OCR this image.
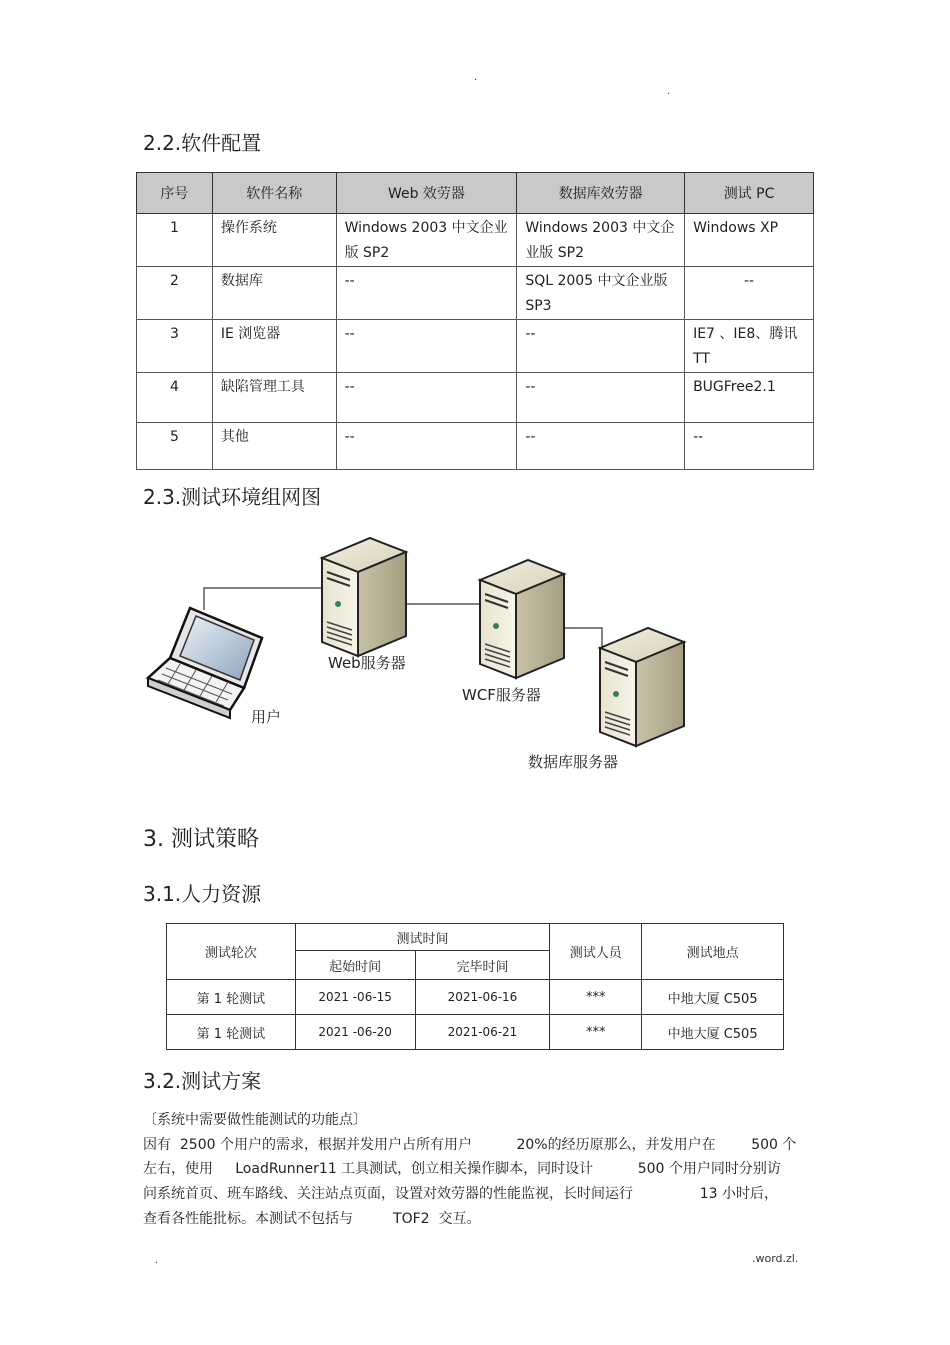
.
.
2.2.软件配置
序号	软件名称	Web 效劳器	数据库效劳器	测试 PC
1	操作系统	Windows 2003 中文企业版 SP2	Windows 2003 中文企业版 SP2	Windows XP
2	数据库	--	SQL 2005 中文企业版 SP3	--
3	IE 浏览器	--	--	IE7 、IE8、腾讯 TT
4	缺陷管理工具	--	--	BUGFree2.1
5	其他	--	--	--
2.3.测试环境组网图
Web服务器
WCF服务器
用户
数据库服务器
3. 测试策略
3.1.人力资源
测试轮次	测试时间		测试人员	测试地点
	起始时间	完毕时间		
第 1 轮测试	2021 -06-15	2021-06-16	***	中地大厦 C505
第 1 轮测试	2021 -06-20	2021-06-21	***	中地大厦 C505
3.2.测试方案
〔系统中需要做性能测试的功能点〕
因有  2500 个用户的需求，根据并发用户占所有用户          20%的经历原那么，并发用户在        500 个
左右，使用     LoadRunner11 工具测试，创立相关操作脚本，同时设计          500 个用户同时分别访
问系统首页、班车路线、关注站点页面，设置对效劳器的性能监视，长时间运行               13 小时后，
查看各性能批标。本测试不包括与         TOF2  交互。
.	.word.zl.
